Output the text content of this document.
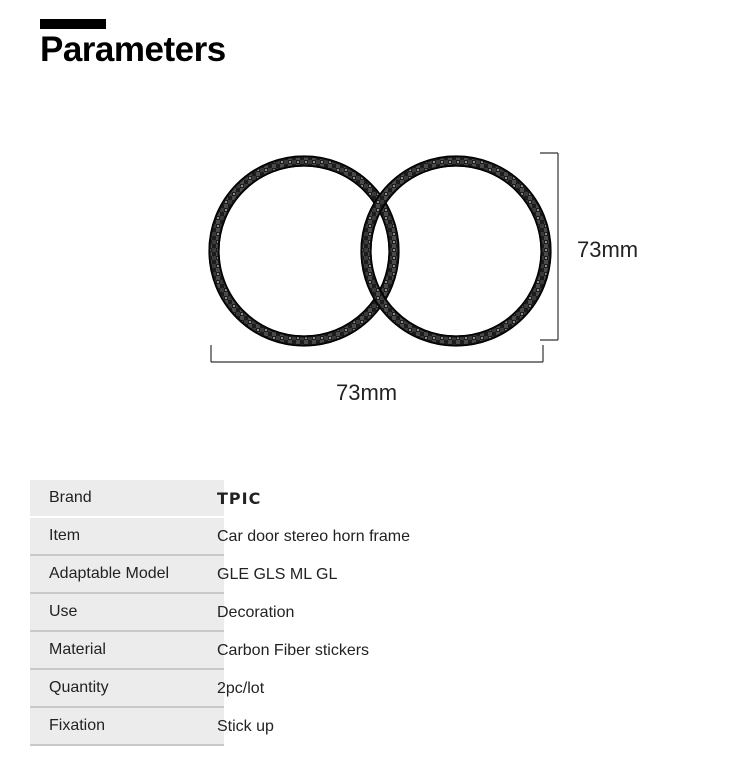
Parameters
73mm
73mm
Brand	TPIC
Item	Car door stereo horn frame
Adaptable Model	GLE GLS ML GL
Use	Decoration
Material	Carbon Fiber stickers
Quantity	2pc/lot
Fixation	Stick up
